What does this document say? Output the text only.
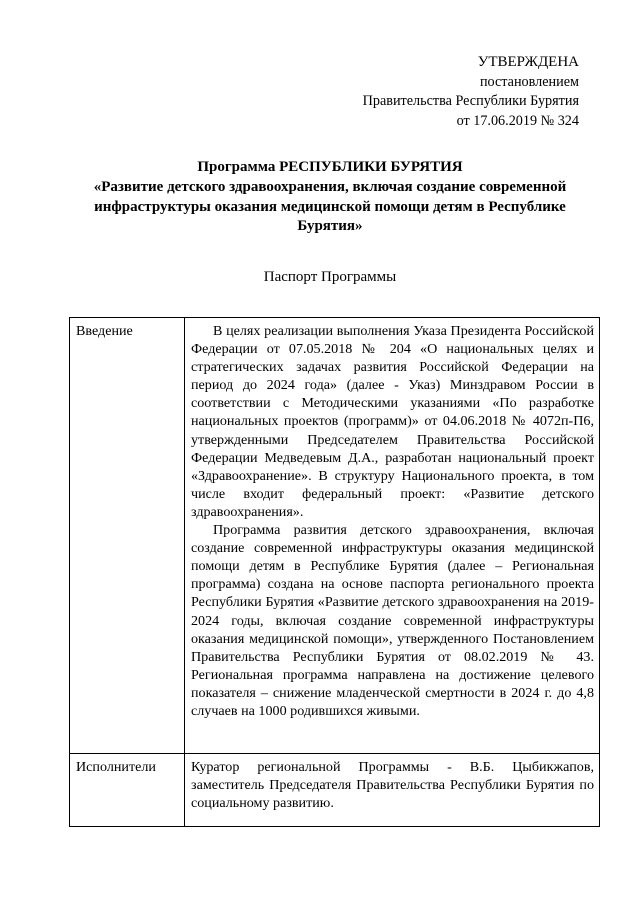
УТВЕРЖДЕНА
постановлением
Правительства Республики Бурятия
от 17.06.2019 № 324
Программа РЕСПУБЛИКИ БУРЯТИЯ
«Развитие детского здравоохранения, включая создание современной инфраструктуры оказания медицинской помощи детям в Республике Бурятия»
Паспорт Программы
Введение	В целях реализации выполнения Указа Президента Российской Федерации от 07.05.2018 № 204 «О национальных целях и стратегических задачах развития Российской Федерации на период до 2024 года» (далее - Указ) Минздравом России в соответствии с Методическими указаниями «По разработке национальных проектов (программ)» от 04.06.2018 № 4072п-П6, утвержденными Председателем Правительства Российской Федерации Медведевым Д.А., разработан национальный проект «Здравоохранение». В структуру Национального проекта, в том числе входит федеральный проект: «Развитие детского здравоохранения».

Программа развития детского здравоохранения, включая создание современной инфраструктуры оказания медицинской помощи детям в Республике Бурятия (далее – Региональная программа) создана на основе паспорта регионального проекта Республики Бурятия «Развитие детского здравоохранения на 2019-2024 годы, включая создание современной инфраструктуры оказания медицинской помощи», утвержденного Постановлением Правительства Республики Бурятия от 08.02.2019 № 43. Региональная программа направлена на достижение целевого показателя – снижение младенческой смертности в 2024 г. до 4,8 случаев на 1000 родившихся живыми.

Исполнители	Куратор региональной Программы - В.Б. Цыбикжапов, заместитель Председателя Правительства Республики Бурятия по социальному развитию.
